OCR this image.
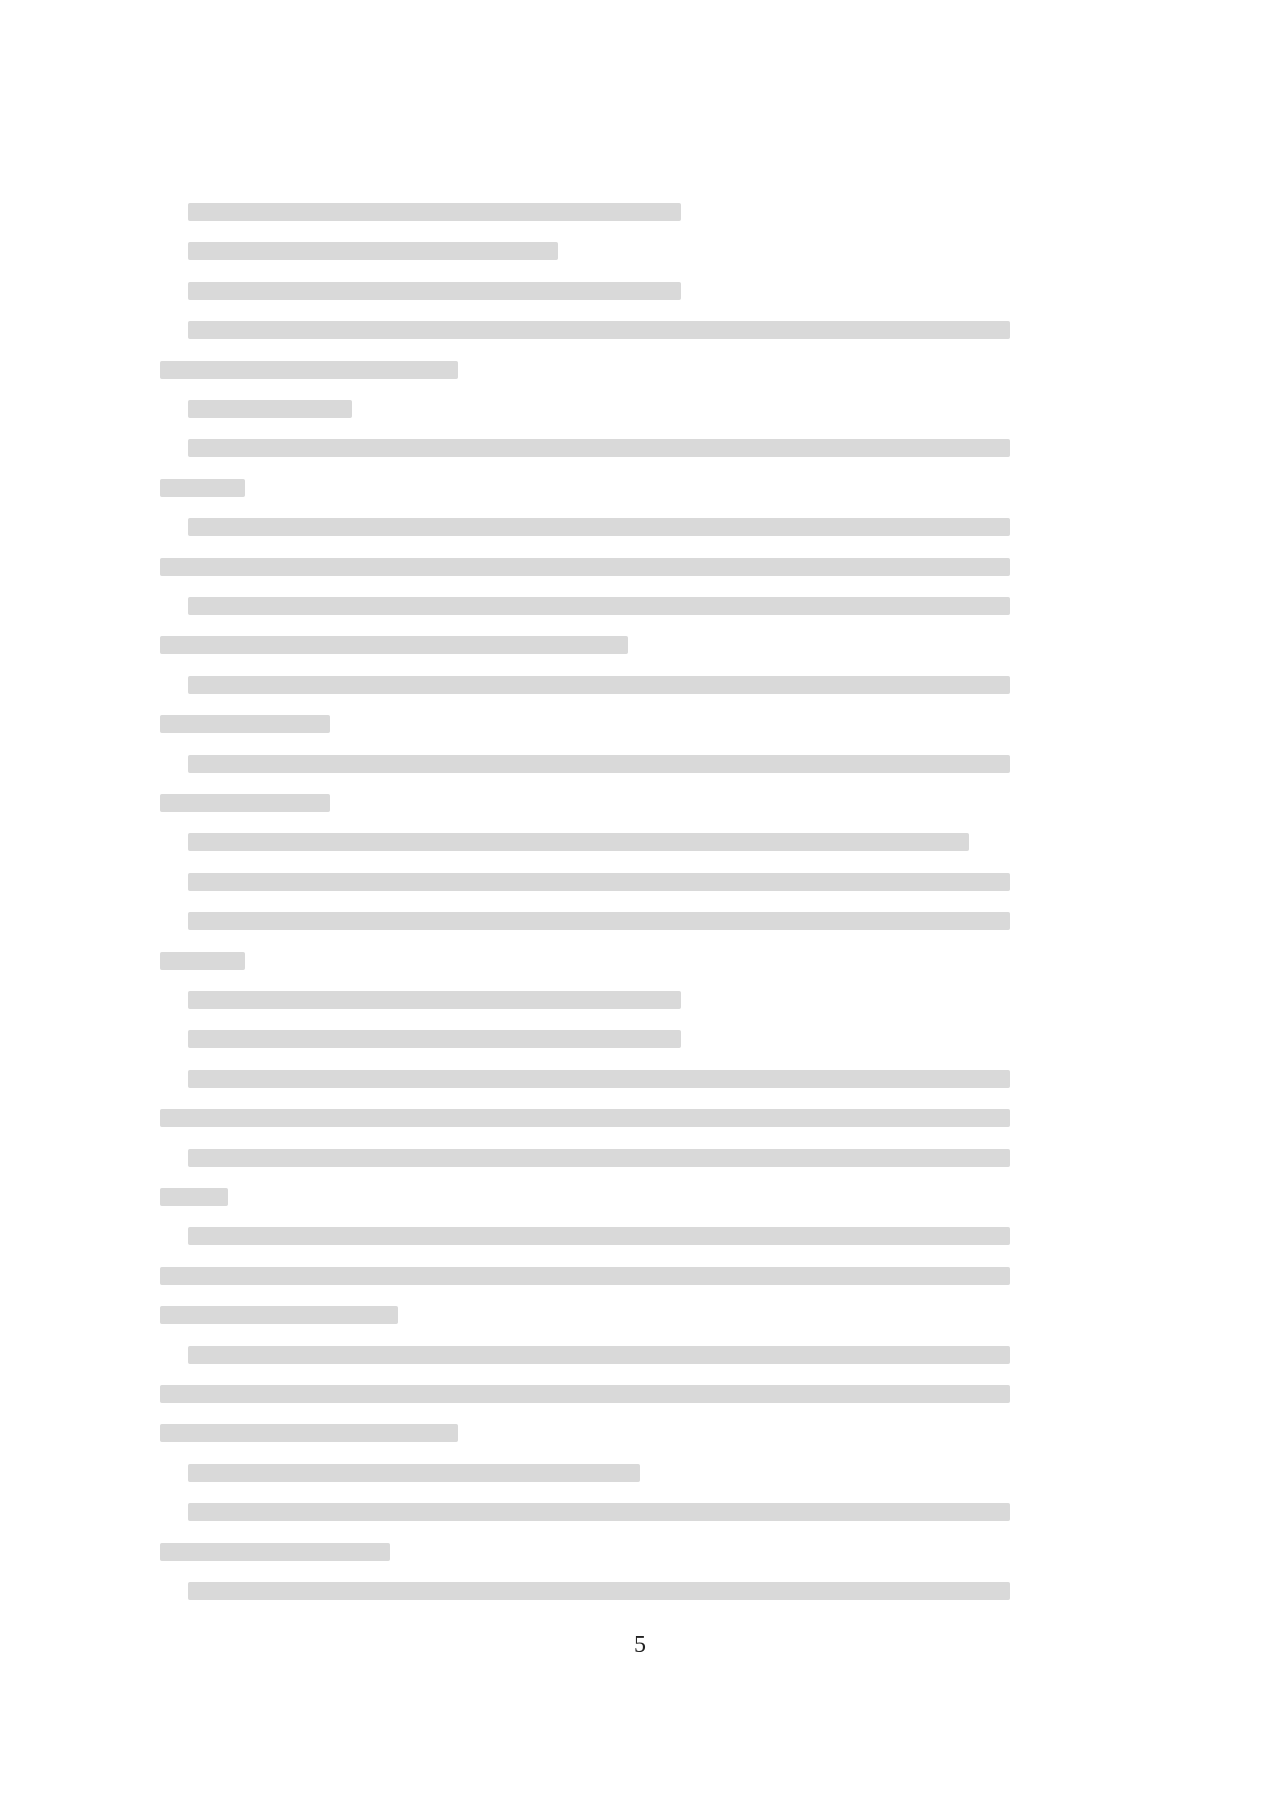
5
